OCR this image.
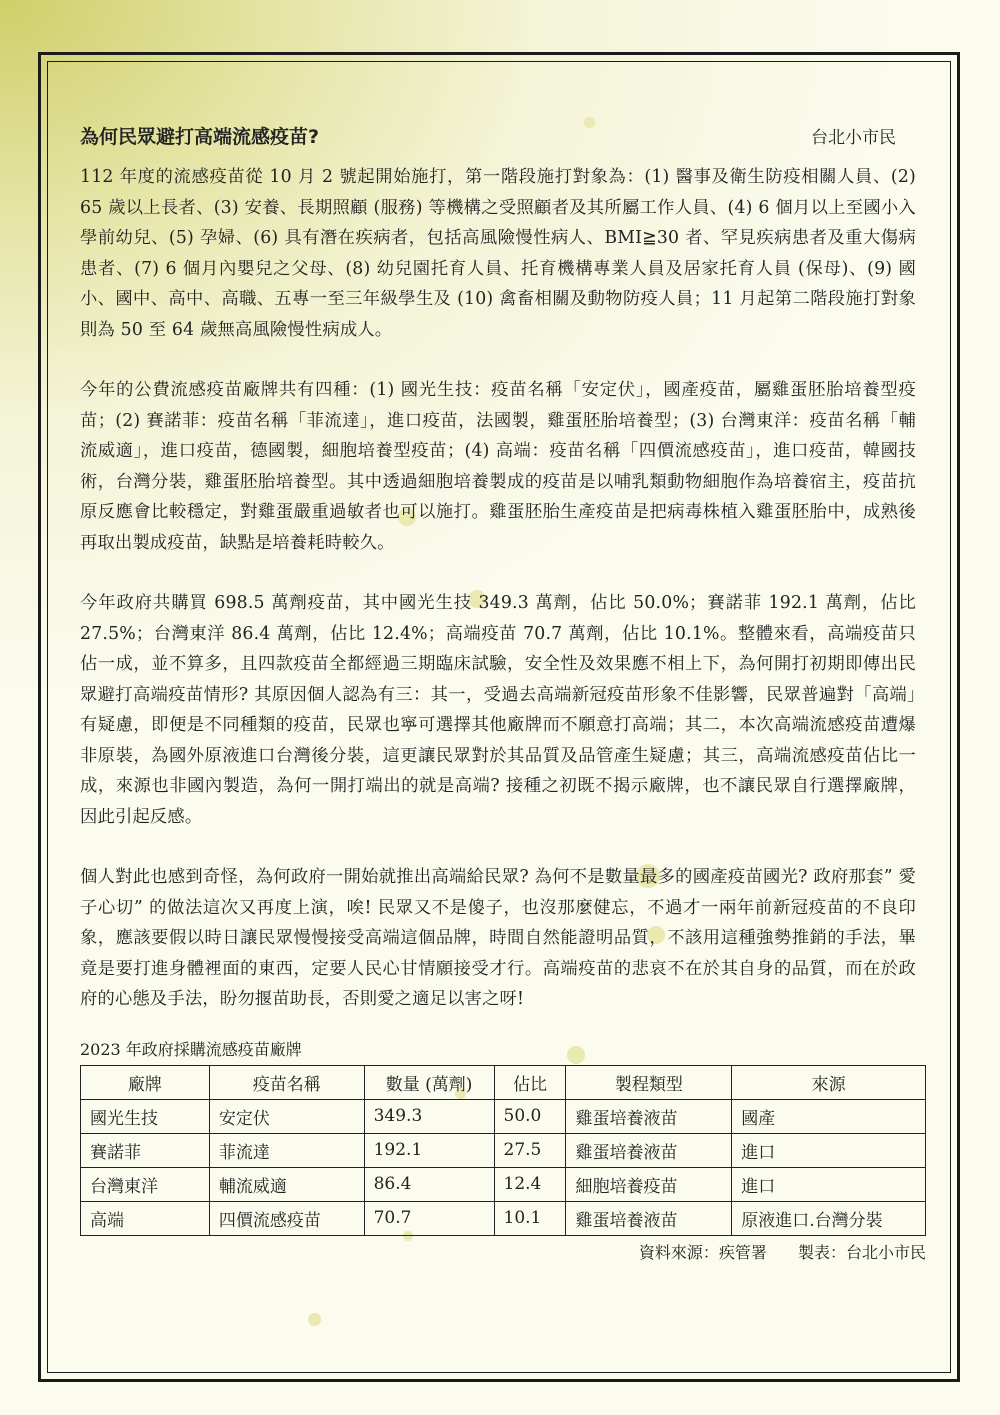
為何民眾避打高端流感疫苗?	台北小市民

112 年度的流感疫苗從 10 月 2 號起開始施打，第一階段施打對象為：(1) 醫事及衛生防疫相關人員、(2) 65 歲以上長者、(3) 安養、長期照顧 (服務) 等機構之受照顧者及其所屬工作人員、(4) 6 個月以上至國小入學前幼兒、(5) 孕婦、(6) 具有潛在疾病者，包括高風險慢性病人、BMI≧30 者、罕見疾病患者及重大傷病患者、(7) 6 個月內嬰兒之父母、(8) 幼兒園托育人員、托育機構專業人員及居家托育人員 (保母)、(9) 國小、國中、高中、高職、五專一至三年級學生及 (10) 禽畜相關及動物防疫人員；11 月起第二階段施打對象則為 50 至 64 歲無高風險慢性病成人。

今年的公費流感疫苗廠牌共有四種：(1) 國光生技：疫苗名稱「安定伏」，國產疫苗，屬雞蛋胚胎培養型疫苗；(2) 賽諾菲：疫苗名稱「菲流達」，進口疫苗，法國製，雞蛋胚胎培養型；(3) 台灣東洋：疫苗名稱「輔流威適」，進口疫苗，德國製，細胞培養型疫苗；(4) 高端：疫苗名稱「四價流感疫苗」，進口疫苗，韓國技術，台灣分裝，雞蛋胚胎培養型。其中透過細胞培養製成的疫苗是以哺乳類動物細胞作為培養宿主，疫苗抗原反應會比較穩定，對雞蛋嚴重過敏者也可以施打。雞蛋胚胎生產疫苗是把病毒株植入雞蛋胚胎中，成熟後再取出製成疫苗，缺點是培養耗時較久。

今年政府共購買 698.5 萬劑疫苗，其中國光生技 349.3 萬劑，佔比 50.0%；賽諾菲 192.1 萬劑，佔比 27.5%；台灣東洋 86.4 萬劑，佔比 12.4%；高端疫苗 70.7 萬劑，佔比 10.1%。整體來看，高端疫苗只佔一成，並不算多，且四款疫苗全都經過三期臨床試驗，安全性及效果應不相上下，為何開打初期即傳出民眾避打高端疫苗情形? 其原因個人認為有三：其一，受過去高端新冠疫苗形象不佳影響，民眾普遍對「高端」有疑慮，即便是不同種類的疫苗，民眾也寧可選擇其他廠牌而不願意打高端；其二，本次高端流感疫苗遭爆非原裝，為國外原液進口台灣後分裝，這更讓民眾對於其品質及品管產生疑慮；其三，高端流感疫苗佔比一成，來源也非國內製造，為何一開打端出的就是高端? 接種之初既不揭示廠牌，也不讓民眾自行選擇廠牌，因此引起反感。

個人對此也感到奇怪，為何政府一開始就推出高端給民眾? 為何不是數量最多的國產疫苗國光? 政府那套” 愛子心切” 的做法這次又再度上演，唉! 民眾又不是傻子，也沒那麼健忘，不過才一兩年前新冠疫苗的不良印象，應該要假以時日讓民眾慢慢接受高端這個品牌，時間自然能證明品質，不該用這種強勢推銷的手法，畢竟是要打進身體裡面的東西，定要人民心甘情願接受才行。高端疫苗的悲哀不在於其自身的品質，而在於政府的心態及手法，盼勿揠苗助長，否則愛之適足以害之呀!

2023 年政府採購流感疫苗廠牌
廠牌	疫苗名稱	數量 (萬劑)	佔比	製程類型	來源
國光生技	安定伏	349.3	50.0	雞蛋培養液苗	國產
賽諾菲	菲流達	192.1	27.5	雞蛋培養液苗	進口
台灣東洋	輔流威適	86.4	12.4	細胞培養疫苗	進口
高端	四價流感疫苗	70.7	10.1	雞蛋培養液苗	原液進口.台灣分裝
資料來源：疾管署 製表：台北小市民
